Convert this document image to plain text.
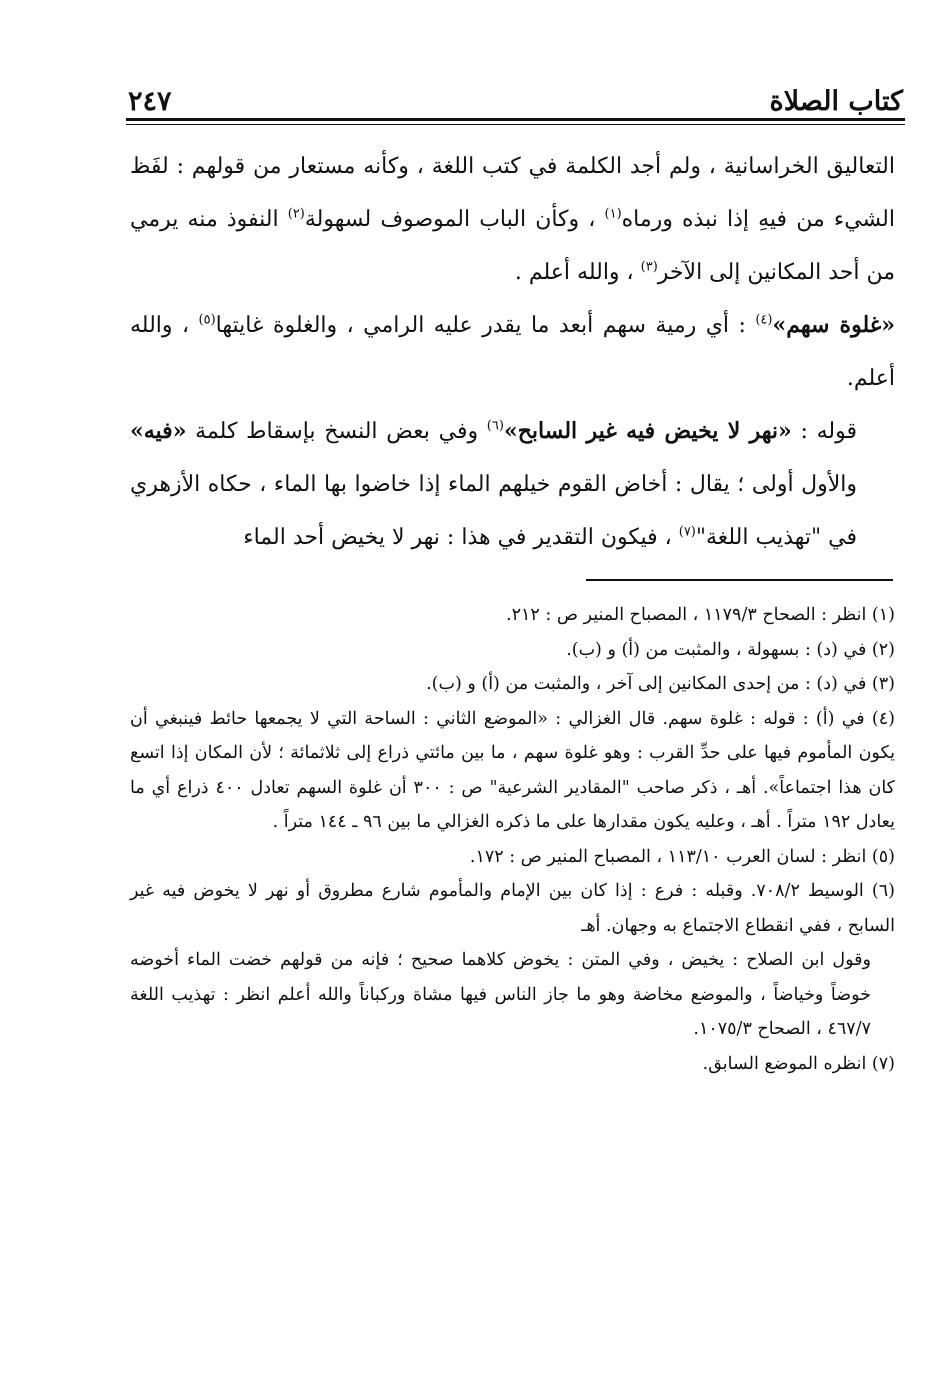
كتاب الصلاة
٢٤٧

التعاليق الخراسانية ، ولم أجد الكلمة في كتب اللغة ، وكأنه مستعار من قولهم : لفَظ الشيء من فيهِ إذا نبذه ورماه$^{(١)}$ ، وكأن الباب الموصوف لسهولة$^{(٢)}$ النفوذ منه يرمي من أحد المكانين إلى الآخر$^{(٣)}$ ، والله أعلم .

«غلوة سهم»$^{(٤)}$ : أي رمية سهم أبعد ما يقدر عليه الرامي ، والغلوة غايتها$^{(٥)}$ ، والله أعلم.

قوله : «نهر لا يخيض فيه غير السابح»$^{(٦)}$ وفي بعض النسخ بإسقاط كلمة «فيه» والأول أولى ؛ يقال : أخاض القوم خيلهم الماء إذا خاضوا بها الماء ، حكاه الأزهري في "تهذيب اللغة"$^{(٧)}$ ، فيكون التقدير في هذا : نهر لا يخيض أحد الماء

(١) انظر : الصحاح ١١٧٩/٣ ، المصباح المنير ص : ٢١٢.

(٢) في (د) : بسهولة ، والمثبت من (أ) و (ب).

(٣) في (د) : من إحدى المكانين إلى آخر ، والمثبت من (أ) و (ب).

(٤) في (أ) : قوله : غلوة سهم. قال الغزالي : «الموضع الثاني : الساحة التي لا يجمعها حائط فينبغي أن يكون المأموم فيها على حدِّ القرب : وهو غلوة سهم ، ما بين مائتي ذراع إلى ثلاثمائة ؛ لأن المكان إذا اتسع كان هذا اجتماعاً». أهـ ، ذكر صاحب "المقادير الشرعية" ص : ٣٠٠ أن غلوة السهم تعادل ٤٠٠ ذراع أي ما يعادل ١٩٢ متراً . أهـ ، وعليه يكون مقدارها على ما ذكره الغزالي ما بين ٩٦ ـ ١٤٤ متراً .

(٥) انظر : لسان العرب ١١٣/١٠ ، المصباح المنير ص : ١٧٢.

(٦) الوسيط ٧٠٨/٢. وقبله : فرع : إذا كان بين الإمام والمأموم شارع مطروق أو نهر لا يخوض فيه غير السابح ، ففي انقطاع الاجتماع به وجهان. أهـ

وقول ابن الصلاح : يخيض ، وفي المتن : يخوض كلاهما صحيح ؛ فإنه من قولهم خضت الماء أخوضه خوضاً وخياضاً ، والموضع مخاضة وهو ما جاز الناس فيها مشاة وركباناً والله أعلم انظر : تهذيب اللغة ٤٦٧/٧ ، الصحاح ١٠٧٥/٣.

(٧) انظره الموضع السابق.
